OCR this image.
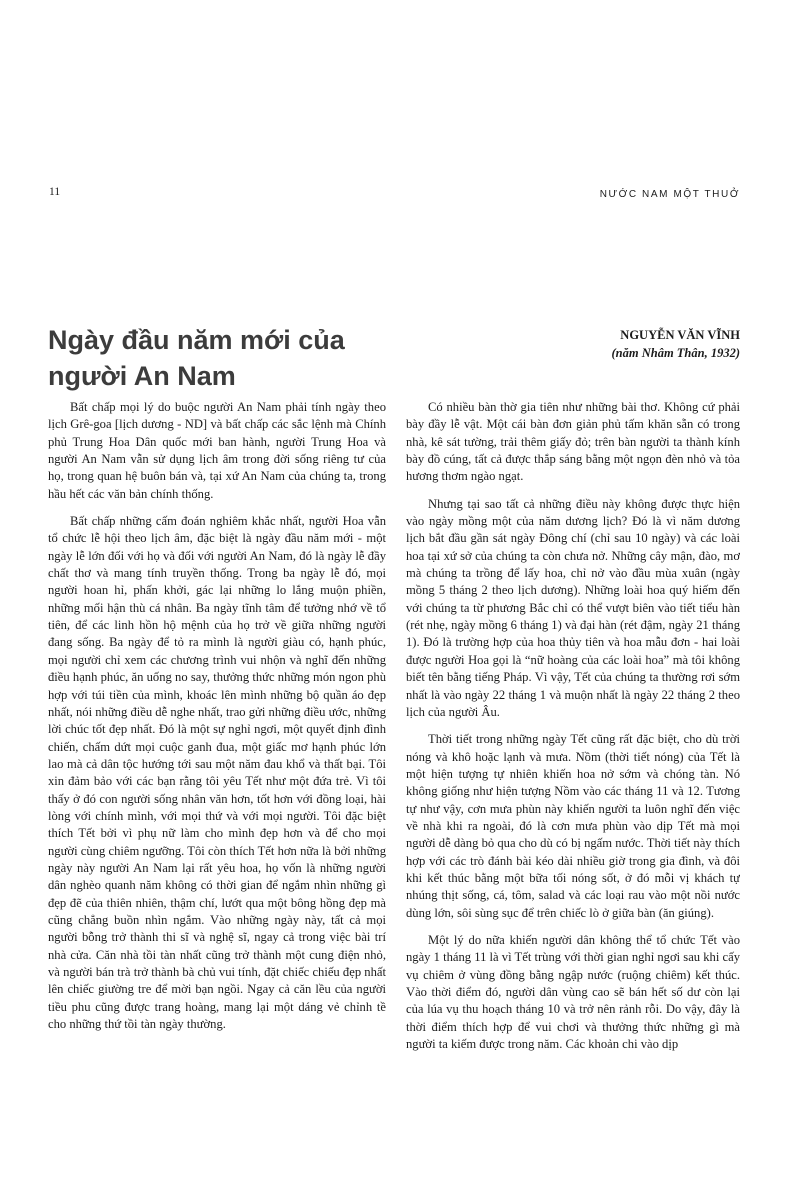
11	NƯỚC NAM MỘT THUỞ
Ngày đầu năm mới của người An Nam
NGUYỄN VĂN VĨNH
(năm Nhâm Thân, 1932)

Bất chấp mọi lý do buộc người An Nam phải tính ngày theo lịch Grê-goa [lịch dương - ND] và bất chấp các sắc lệnh mà Chính phủ Trung Hoa Dân quốc mới ban hành, người Trung Hoa và người An Nam vẫn sử dụng lịch âm trong đời sống riêng tư của họ, trong quan hệ buôn bán và, tại xứ An Nam của chúng ta, trong hầu hết các văn bản chính thống.

Bất chấp những cấm đoán nghiêm khắc nhất, người Hoa vẫn tổ chức lễ hội theo lịch âm, đặc biệt là ngày đầu năm mới - một ngày lễ lớn đối với họ và đối với người An Nam, đó là ngày lễ đầy chất thơ và mang tính truyền thống. Trong ba ngày lễ đó, mọi người hoan hỉ, phấn khởi, gác lại những lo lắng muộn phiền, những mối hận thù cá nhân. Ba ngày tĩnh tâm để tưởng nhớ về tổ tiên, để các linh hồn hộ mệnh của họ trở về giữa những người đang sống. Ba ngày để tỏ ra mình là người giàu có, hạnh phúc, mọi người chỉ xem các chương trình vui nhộn và nghĩ đến những điều hạnh phúc, ăn uống no say, thưởng thức những món ngon phù hợp với túi tiền của mình, khoác lên mình những bộ quần áo đẹp nhất, nói những điều dễ nghe nhất, trao gửi những điều ước, những lời chúc tốt đẹp nhất. Đó là một sự nghỉ ngơi, một quyết định đình chiến, chấm dứt mọi cuộc ganh đua, một giấc mơ hạnh phúc lớn lao mà cả dân tộc hướng tới sau một năm đau khổ và thất bại. Tôi xin đảm bảo với các bạn rằng tôi yêu Tết như một đứa trẻ. Vì tôi thấy ở đó con người sống nhân văn hơn, tốt hơn với đồng loại, hài lòng với chính mình, với mọi thứ và với mọi người. Tôi đặc biệt thích Tết bởi vì phụ nữ làm cho mình đẹp hơn và để cho mọi người cùng chiêm ngưỡng. Tôi còn thích Tết hơn nữa là bởi những ngày này người An Nam lại rất yêu hoa, họ vốn là những người dân nghèo quanh năm không có thời gian để ngắm nhìn những gì đẹp đẽ của thiên nhiên, thậm chí, lướt qua một bông hồng đẹp mà cũng chẳng buồn nhìn ngắm. Vào những ngày này, tất cả mọi người bỗng trở thành thi sĩ và nghệ sĩ, ngay cả trong việc bài trí nhà cửa. Căn nhà tồi tàn nhất cũng trở thành một cung điện nhỏ, và người bán trà trở thành bà chủ vui tính, đặt chiếc chiếu đẹp nhất lên chiếc giường tre để mời bạn ngồi. Ngay cả căn lều của người tiều phu cũng được trang hoàng, mang lại một dáng vẻ chỉnh tề cho những thứ tồi tàn ngày thường.

Có nhiều bàn thờ gia tiên như những bài thơ. Không cứ phải bày đầy lễ vật. Một cái bàn đơn giản phủ tấm khăn sẵn có trong nhà, kê sát tường, trải thêm giấy đỏ; trên bàn người ta thành kính bày đồ cúng, tất cả được thắp sáng bằng một ngọn đèn nhỏ và tỏa hương thơm ngào ngạt.

Nhưng tại sao tất cả những điều này không được thực hiện vào ngày mồng một của năm dương lịch? Đó là vì năm dương lịch bắt đầu gần sát ngày Đông chí (chỉ sau 10 ngày) và các loài hoa tại xứ sở của chúng ta còn chưa nở. Những cây mận, đào, mơ mà chúng ta trồng để lấy hoa, chỉ nở vào đầu mùa xuân (ngày mồng 5 tháng 2 theo lịch dương). Những loài hoa quý hiếm đến với chúng ta từ phương Bắc chỉ có thể vượt biên vào tiết tiểu hàn (rét nhẹ, ngày mồng 6 tháng 1) và đại hàn (rét đậm, ngày 21 tháng 1). Đó là trường hợp của hoa thủy tiên và hoa mẫu đơn - hai loài được người Hoa gọi là “nữ hoàng của các loài hoa” mà tôi không biết tên bằng tiếng Pháp. Vì vậy, Tết của chúng ta thường rơi sớm nhất là vào ngày 22 tháng 1 và muộn nhất là ngày 22 tháng 2 theo lịch của người Âu.

Thời tiết trong những ngày Tết cũng rất đặc biệt, cho dù trời nóng và khô hoặc lạnh và mưa. Nồm (thời tiết nóng) của Tết là một hiện tượng tự nhiên khiến hoa nở sớm và chóng tàn. Nó không giống như hiện tượng Nồm vào các tháng 11 và 12. Tương tự như vậy, cơn mưa phùn này khiến người ta luôn nghĩ đến việc về nhà khi ra ngoài, đó là cơn mưa phùn vào dịp Tết mà mọi người dễ dàng bỏ qua cho dù có bị ngấm nước. Thời tiết này thích hợp với các trò đánh bài kéo dài nhiều giờ trong gia đình, và đôi khi kết thúc bằng một bữa tối nóng sốt, ở đó mỗi vị khách tự nhúng thịt sống, cá, tôm, salad và các loại rau vào một nồi nước dùng lớn, sôi sùng sục để trên chiếc lò ở giữa bàn (ăn giúng).

Một lý do nữa khiến người dân không thể tổ chức Tết vào ngày 1 tháng 11 là vì Tết trùng với thời gian nghỉ ngơi sau khi cấy vụ chiêm ở vùng đồng bằng ngập nước (ruộng chiêm) kết thúc. Vào thời điểm đó, người dân vùng cao sẽ bán hết số dư còn lại của lúa vụ thu hoạch tháng 10 và trở nên rảnh rỗi. Do vậy, đây là thời điểm thích hợp để vui chơi và thưởng thức những gì mà người ta kiếm được trong năm. Các khoản chi vào dịp
